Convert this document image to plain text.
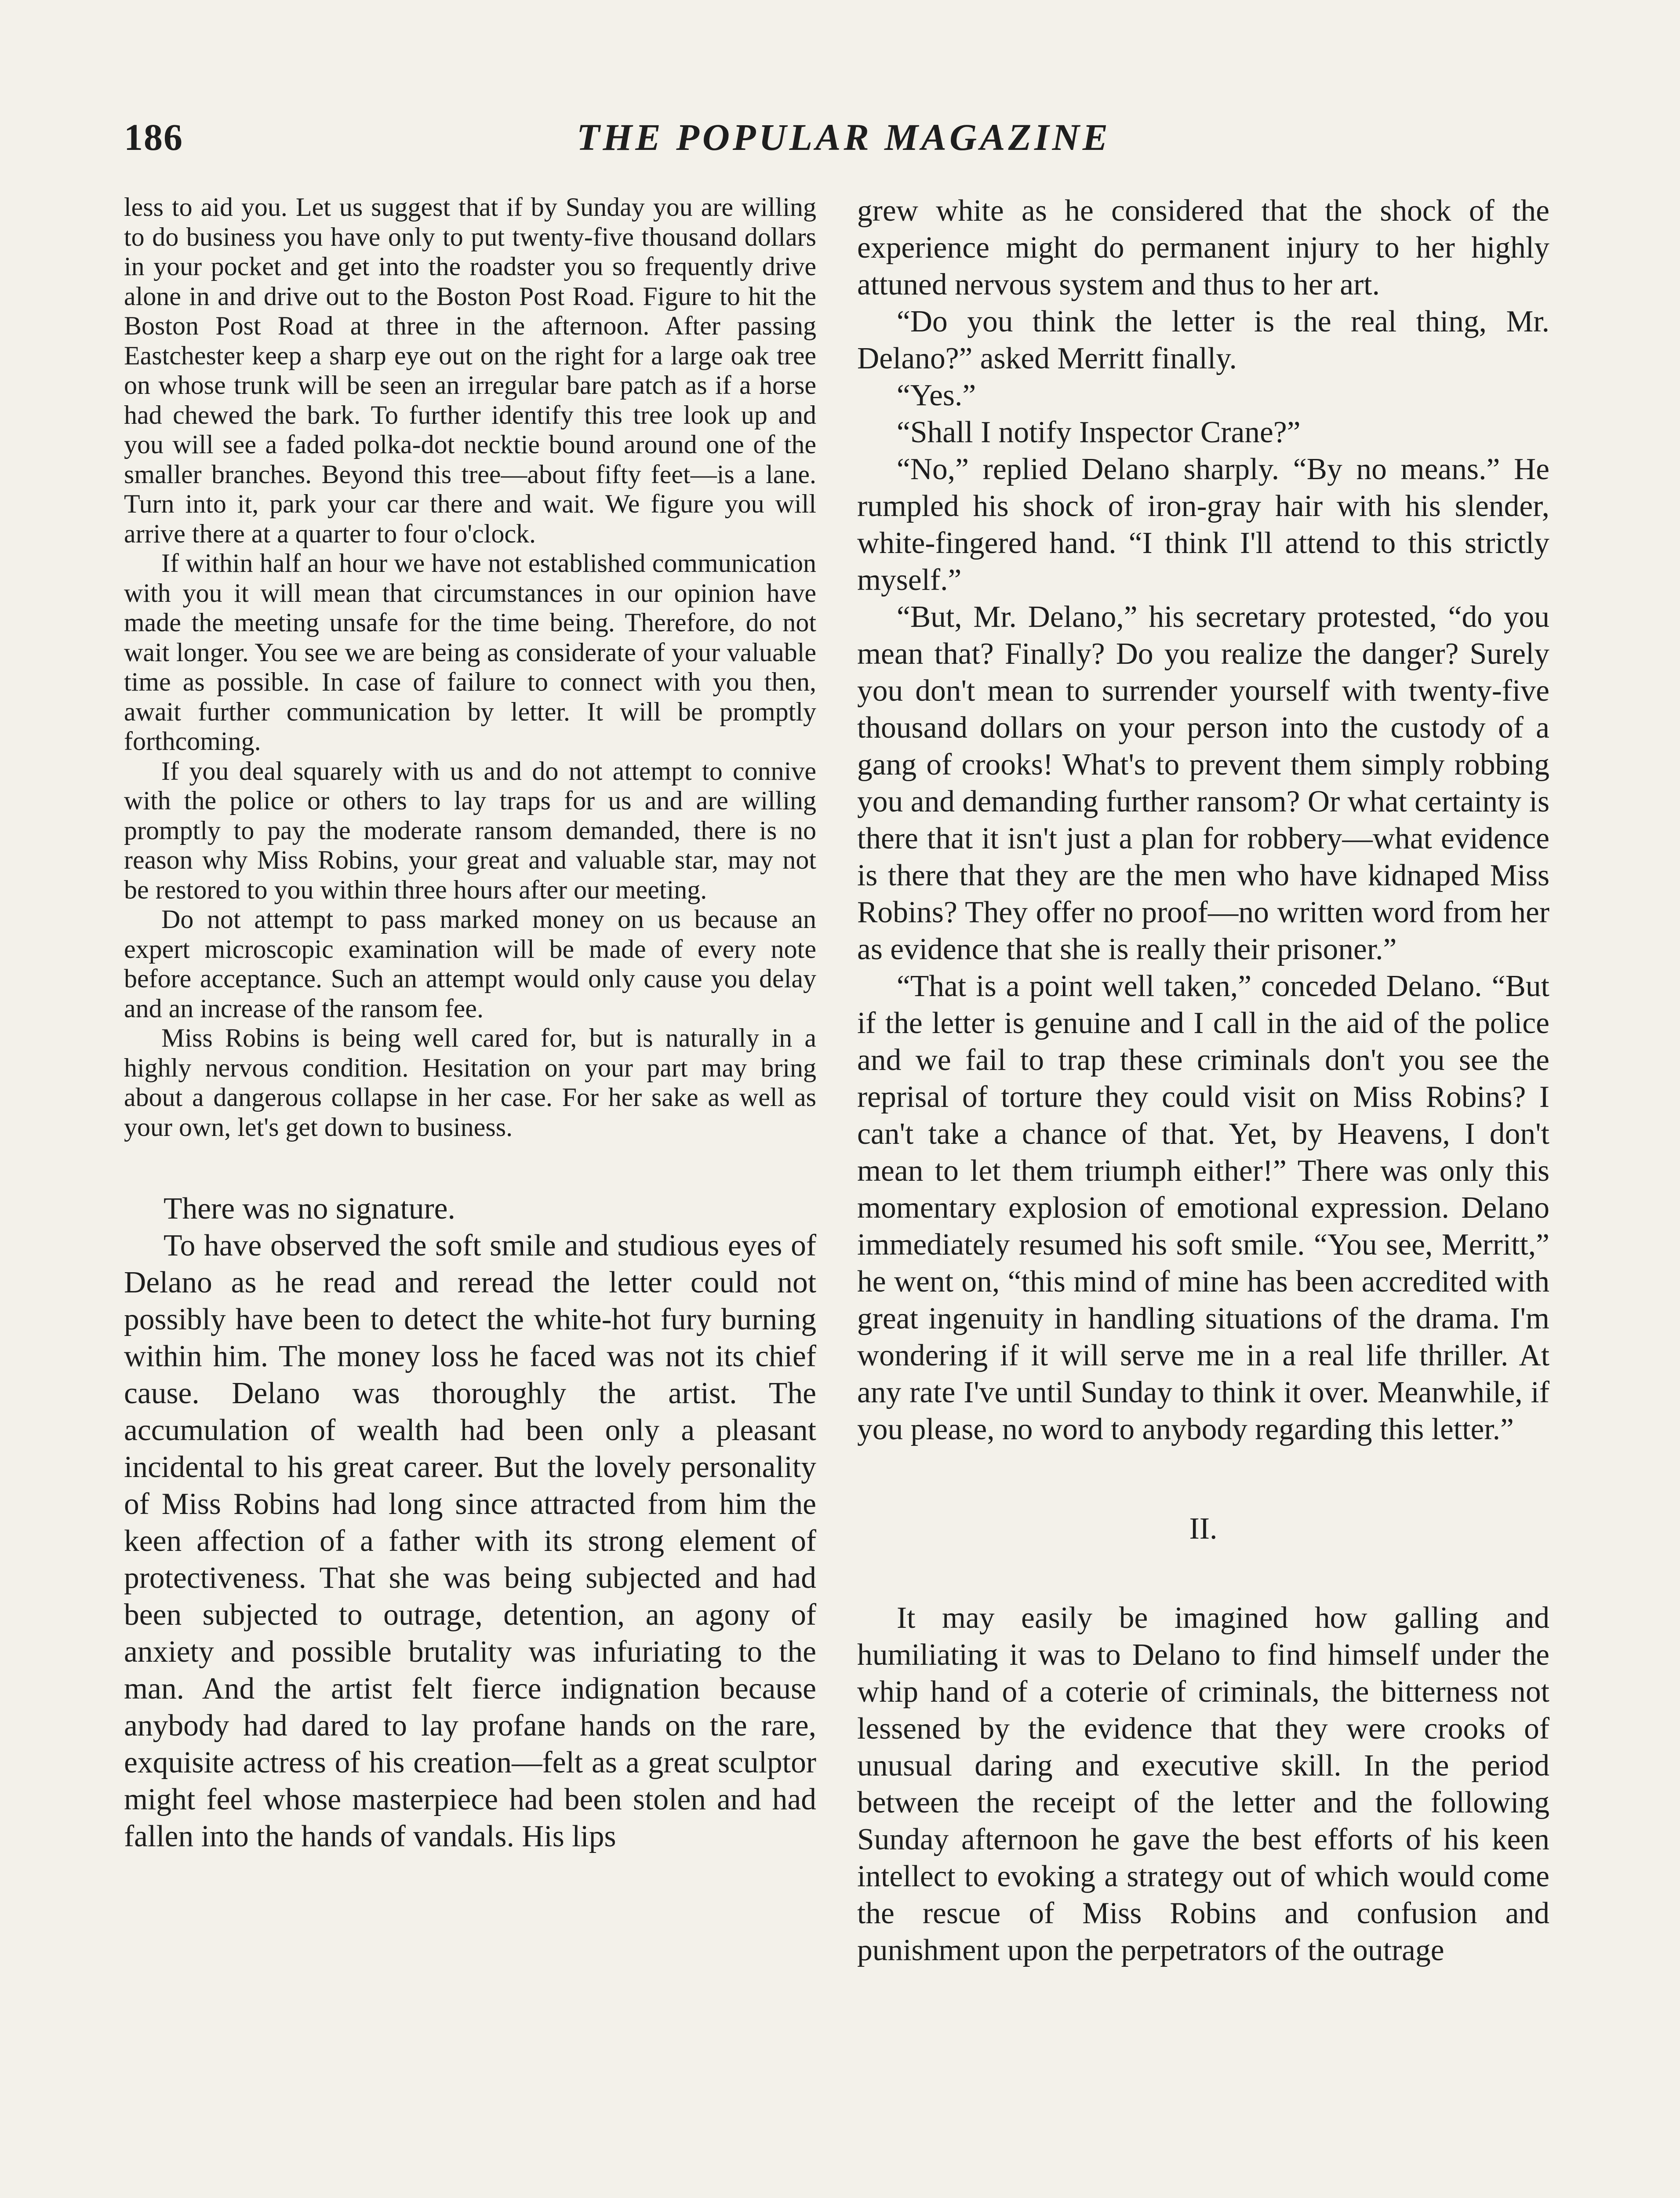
186	THE POPULAR MAGAZINE

less to aid you. Let us suggest that if by Sunday you are willing to do business you have only to put twenty-five thousand dollars in your pocket and get into the roadster you so frequently drive alone in and drive out to the Boston Post Road. Figure to hit the Boston Post Road at three in the afternoon. After passing Eastchester keep a sharp eye out on the right for a large oak tree on whose trunk will be seen an irregular bare patch as if a horse had chewed the bark. To further identify this tree look up and you will see a faded polka-dot necktie bound around one of the smaller branches. Beyond this tree—about fifty feet—is a lane. Turn into it, park your car there and wait. We figure you will arrive there at a quarter to four o'clock.

If within half an hour we have not established communication with you it will mean that circumstances in our opinion have made the meeting unsafe for the time being. Therefore, do not wait longer. You see we are being as considerate of your valuable time as possible. In case of failure to connect with you then, await further communication by letter. It will be promptly forthcoming.

If you deal squarely with us and do not attempt to connive with the police or others to lay traps for us and are willing promptly to pay the moderate ransom demanded, there is no reason why Miss Robins, your great and valuable star, may not be restored to you within three hours after our meeting.

Do not attempt to pass marked money on us because an expert microscopic examination will be made of every note before acceptance. Such an attempt would only cause you delay and an increase of the ransom fee.

Miss Robins is being well cared for, but is naturally in a highly nervous condition. Hesitation on your part may bring about a dangerous collapse in her case. For her sake as well as your own, let's get down to business.

There was no signature.

To have observed the soft smile and studious eyes of Delano as he read and reread the letter could not possibly have been to detect the white-hot fury burning within him. The money loss he faced was not its chief cause. Delano was thoroughly the artist. The accumulation of wealth had been only a pleasant incidental to his great career. But the lovely personality of Miss Robins had long since attracted from him the keen affection of a father with its strong element of protectiveness. That she was being subjected and had been subjected to outrage, detention, an agony of anxiety and possible brutality was infuriating to the man. And the artist felt fierce indignation because anybody had dared to lay profane hands on the rare, exquisite actress of his creation—felt as a great sculptor might feel whose masterpiece had been stolen and had fallen into the hands of vandals. His lips

grew white as he considered that the shock of the experience might do permanent injury to her highly attuned nervous system and thus to her art.

“Do you think the letter is the real thing, Mr. Delano?” asked Merritt finally.

“Yes.”

“Shall I notify Inspector Crane?”

“No,” replied Delano sharply. “By no means.” He rumpled his shock of iron-gray hair with his slender, white-fingered hand. “I think I'll attend to this strictly myself.”

“But, Mr. Delano,” his secretary protested, “do you mean that? Finally? Do you realize the danger? Surely you don't mean to surrender yourself with twenty-five thousand dollars on your person into the custody of a gang of crooks! What's to prevent them simply robbing you and demanding further ransom? Or what certainty is there that it isn't just a plan for robbery—what evidence is there that they are the men who have kidnaped Miss Robins? They offer no proof—no written word from her as evidence that she is really their prisoner.”

“That is a point well taken,” conceded Delano. “But if the letter is genuine and I call in the aid of the police and we fail to trap these criminals don't you see the reprisal of torture they could visit on Miss Robins? I can't take a chance of that. Yet, by Heavens, I don't mean to let them triumph either!” There was only this momentary explosion of emotional expression. Delano immediately resumed his soft smile. “You see, Merritt,” he went on, “this mind of mine has been accredited with great ingenuity in handling situations of the drama. I'm wondering if it will serve me in a real life thriller. At any rate I've until Sunday to think it over. Meanwhile, if you please, no word to anybody regarding this letter.”

II.

It may easily be imagined how galling and humiliating it was to Delano to find himself under the whip hand of a coterie of criminals, the bitterness not lessened by the evidence that they were crooks of unusual daring and executive skill. In the period between the receipt of the letter and the following Sunday afternoon he gave the best efforts of his keen intellect to evoking a strategy out of which would come the rescue of Miss Robins and confusion and punishment upon the perpetrators of the outrage
